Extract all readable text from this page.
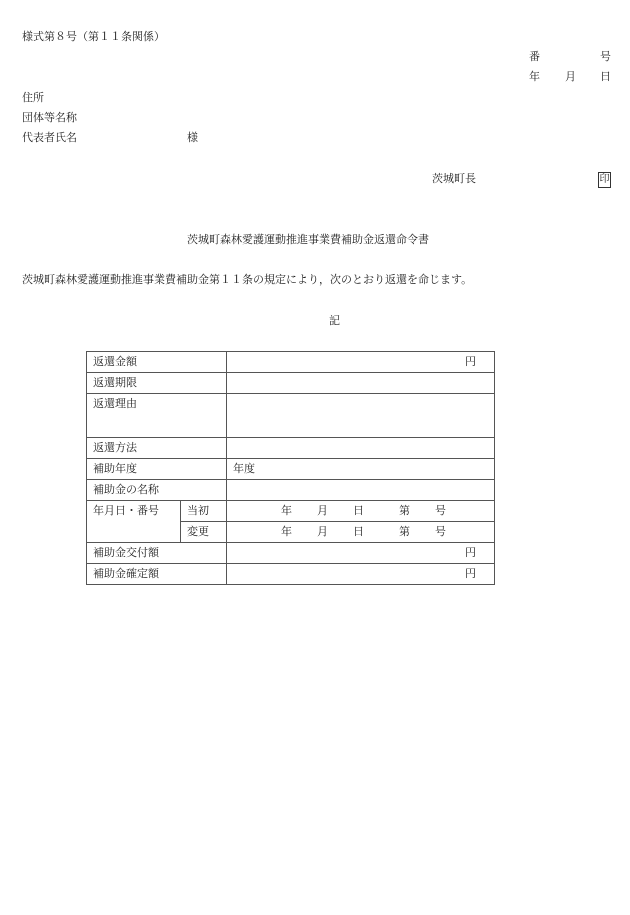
様式第８号（第１１条関係）
番	号
年 月 日
住所
団体等名称
代表者氏名	様
茨城町長	印
茨城町森林愛護運動推進事業費補助金返還命令書
茨城町森林愛護運動推進事業費補助金第１１条の規定により，次のとおり返還を命じます。
記
返還金額		円
返還期限		
返還理由		
返還方法		
補助年度		年度
補助金の名称		
年月日・番号	当初	年 月 日 第 号
	変更	年 月 日 第 号
補助金交付額		円
補助金確定額		円
